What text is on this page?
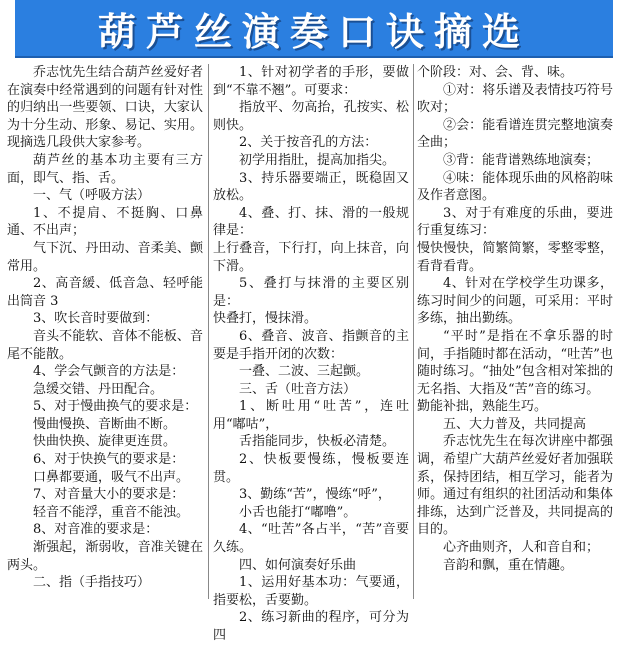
葫芦丝演奏口诀摘选

乔志忱先生结合葫芦丝爱好者在演奏中经常遇到的问题有针对性的归纳出一些要领、口诀，大家认为十分生动、形象、易记、实用。现摘选几段供大家参考。

葫芦丝的基本功主要有三方面，即气、指、舌。

一、气（呼吸方法）

1、不提肩、不挺胸、口鼻通、不出声；

气下沉、丹田动、音柔美、颤常用。

2、高音緩、低音急、轻呼能出筒音 3

3、吹长音时要做到：

音头不能软、音体不能板、音尾不能散。

4、学会气颤音的方法是：

急缓交错、丹田配合。

5、对于慢曲换气的要求是：

慢曲慢换、音断曲不断。

快曲快换、旋律更连贯。

6、对于快换气的要求是：

口鼻都要通，吸气不出声。

7、对音量大小的要求是：

轻音不能浮，重音不能浊。

8、对音准的要求是：

渐强起，渐弱收，音准关键在两头。

二、指（手指技巧）

1、针对初学者的手形，要做到“不靠不翘”。可要求：

指放平、勿高抬，孔按实、松则快。

2、关于按音孔的方法：

初学用指肚，提高加指尖。

3、持乐器要端正，既稳固又放松。

4、叠、打、抹、滑的一般规律是：

上行叠音，下行打，向上抹音，向下滑。

5、叠打与抹滑的主要区别是：

快叠打，慢抹滑。

6、叠音、波音、指颤音的主要是手指开闭的次数：

一叠、二波、三起颤。

三、舌（吐音方法）

1、断吐用“吐苦”，连吐用“嘟咕”，

舌指能同步，快板必清楚。

2、快板要慢练，慢板要连贯。

3、勤练“苦”，慢练“呼”，

小舌也能打“嘟噜”。

4、“吐苦”各占半，“苦”音要久练。

四、如何演奏好乐曲

1、运用好基本功：气要通，指要松，舌要勤。

2、练习新曲的程序，可分为四

个阶段：对、会、背、味。

①对：将乐谱及表情技巧符号吹对；

②会：能看谱连贯完整地演奏全曲；

③背：能背谱熟练地演奏；

④味：能体现乐曲的风格韵味及作者意图。

3、对于有难度的乐曲，要进行重复练习：

慢快慢快，简繁简繁，零整零整，看背看背。

4、针对在学校学生功课多，练习时间少的问题，可采用：平时多练，抽出勤练。

“平时”是指在不拿乐器的时间，手指随时都在活动，“吐苦”也随时练习。“抽处”包含相对笨拙的无名指、大指及“苦”音的练习。

勤能补拙，熟能生巧。

五、大力普及，共同提高

乔志忱先生在每次讲座中都强调，希望广大葫芦丝爱好者加强联系，保持团结，相互学习，能者为师。通过有组织的社团活动和集体排练，达到广泛普及，共同提高的目的。

心齐曲则齐，人和音自和；

音韵和飘，重在情趣。
